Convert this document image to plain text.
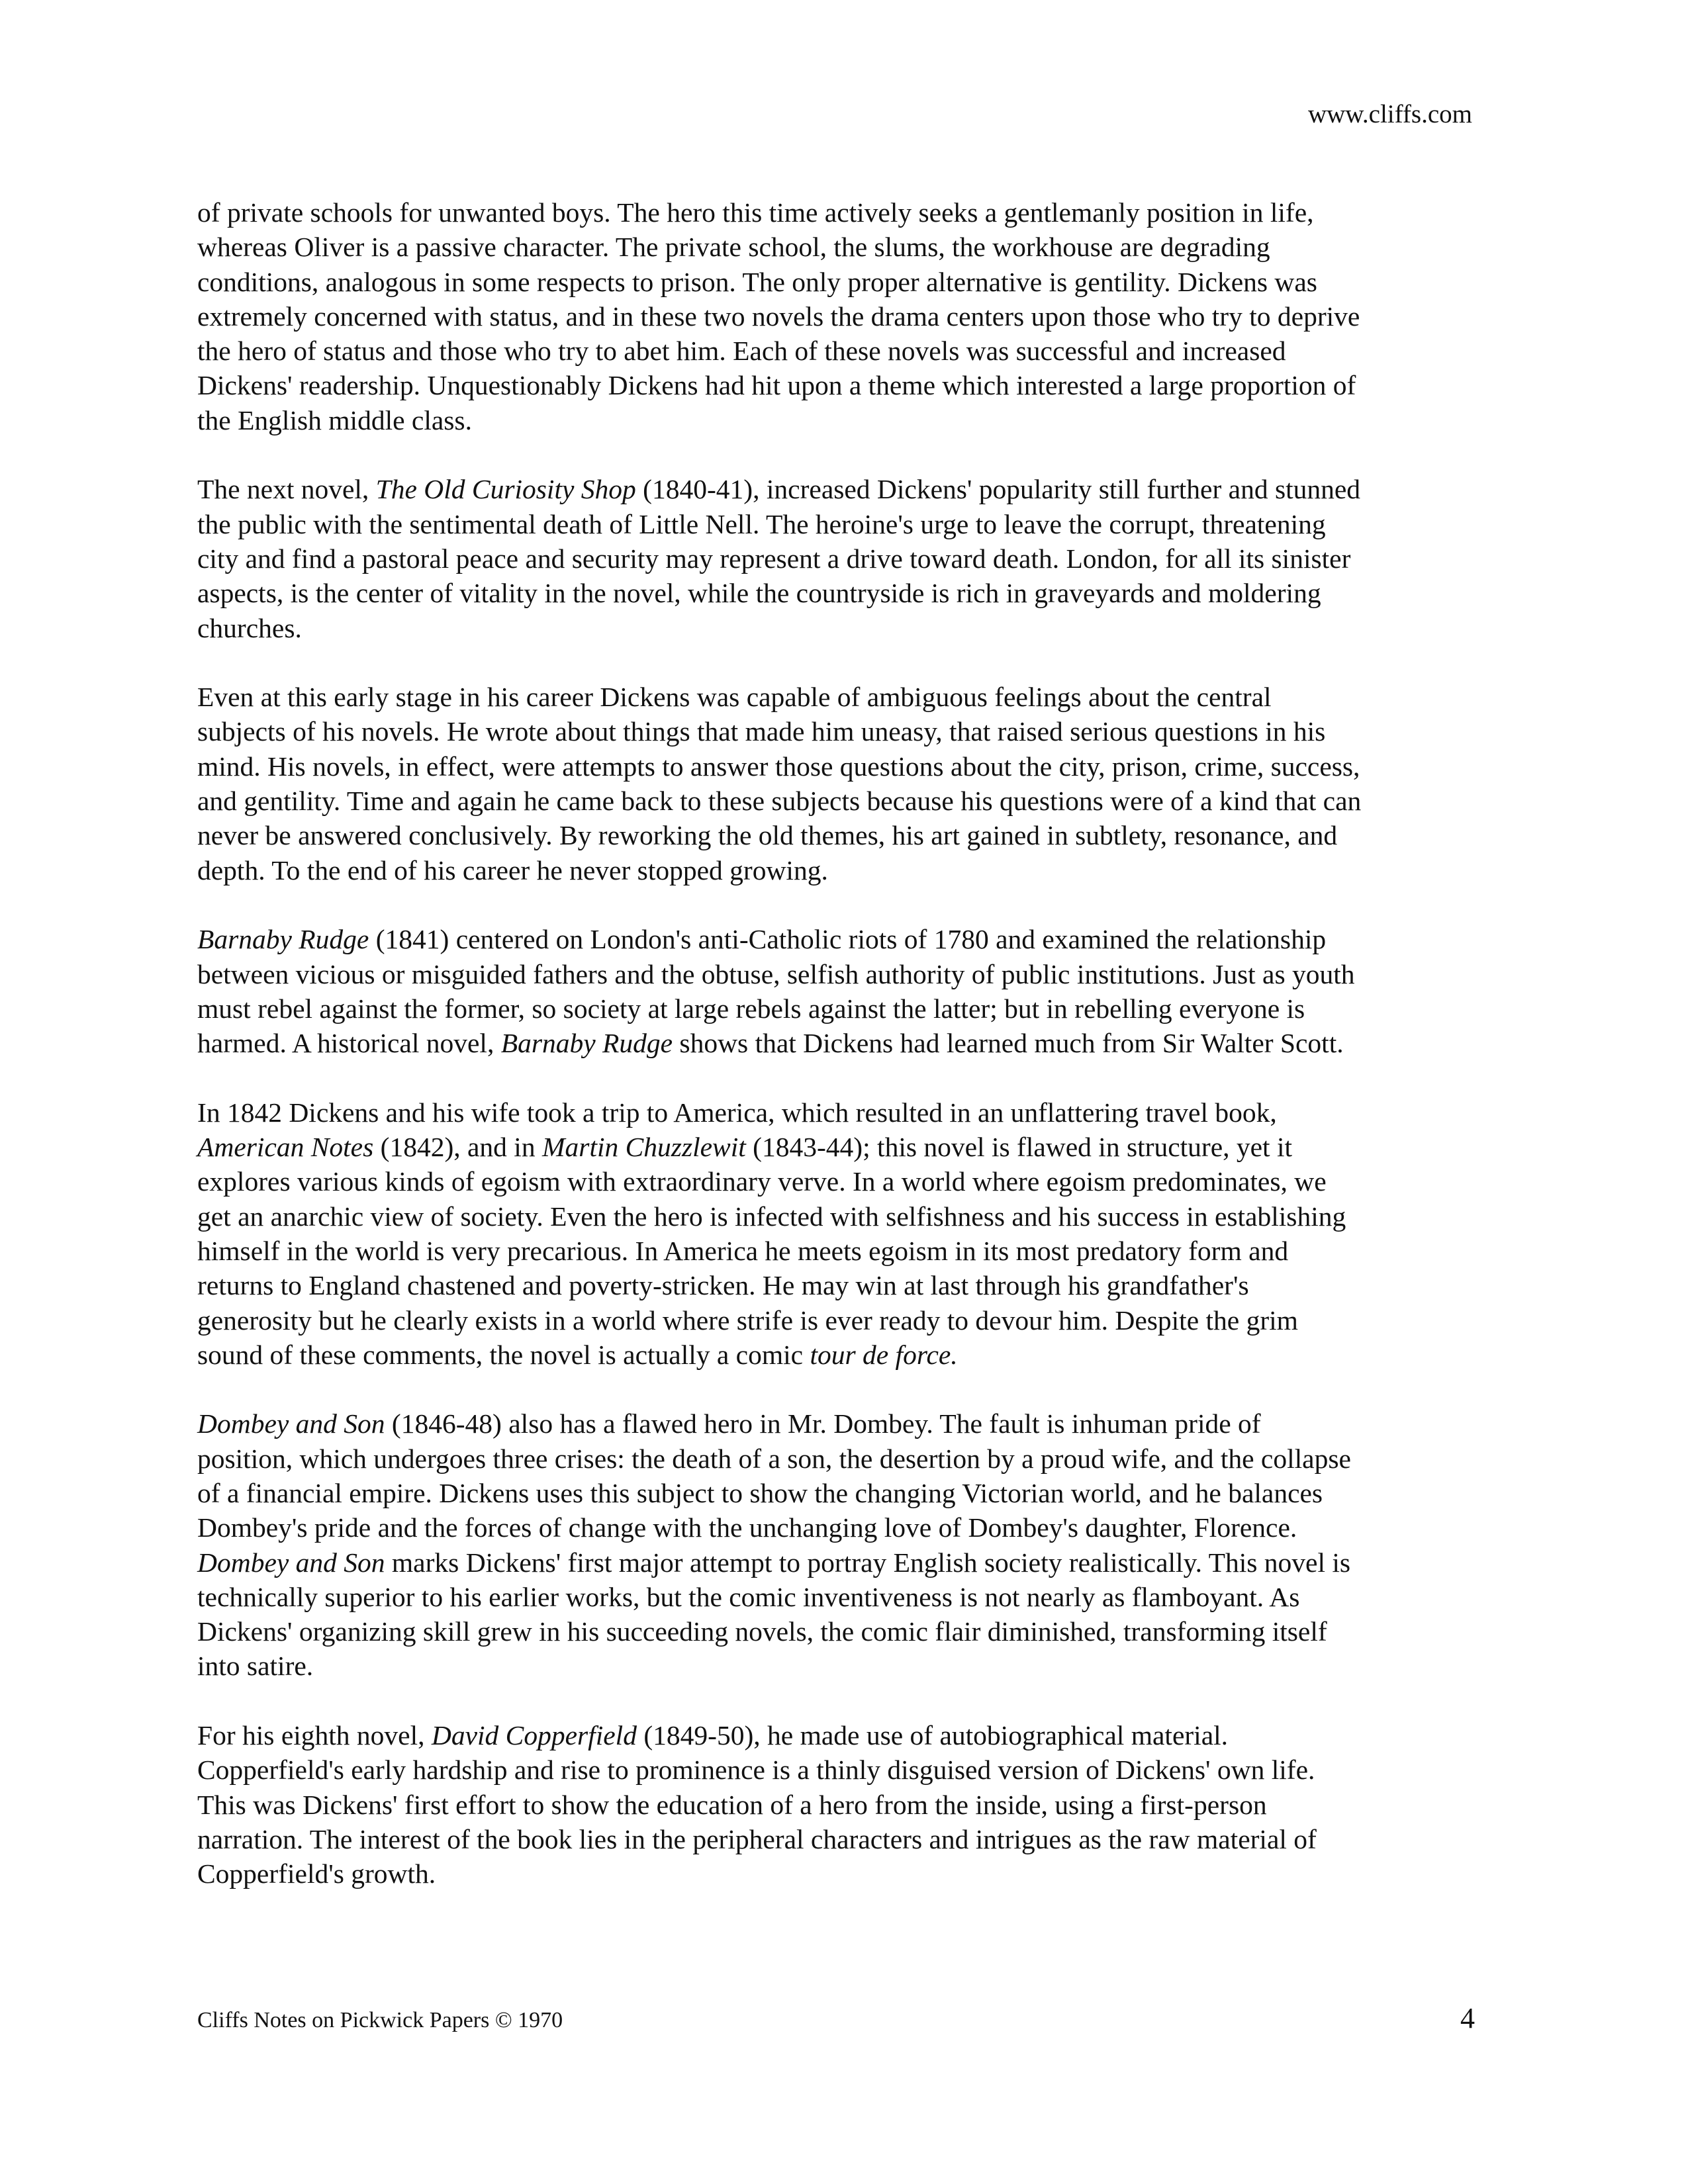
www.cliffs.com

of private schools for unwanted boys. The hero this time actively seeks a gentlemanly position in life,
whereas Oliver is a passive character. The private school, the slums, the workhouse are degrading
conditions, analogous in some respects to prison. The only proper alternative is gentility. Dickens was
extremely concerned with status, and in these two novels the drama centers upon those who try to deprive
the hero of status and those who try to abet him. Each of these novels was successful and increased
Dickens' readership. Unquestionably Dickens had hit upon a theme which interested a large proportion of
the English middle class.

The next novel, The Old Curiosity Shop (1840-41), increased Dickens' popularity still further and stunned
the public with the sentimental death of Little Nell. The heroine's urge to leave the corrupt, threatening
city and find a pastoral peace and security may represent a drive toward death. London, for all its sinister
aspects, is the center of vitality in the novel, while the countryside is rich in graveyards and moldering
churches.

Even at this early stage in his career Dickens was capable of ambiguous feelings about the central
subjects of his novels. He wrote about things that made him uneasy, that raised serious questions in his
mind. His novels, in effect, were attempts to answer those questions about the city, prison, crime, success,
and gentility. Time and again he came back to these subjects because his questions were of a kind that can
never be answered conclusively. By reworking the old themes, his art gained in subtlety, resonance, and
depth. To the end of his career he never stopped growing.

Barnaby Rudge (1841) centered on London's anti-Catholic riots of 1780 and examined the relationship
between vicious or misguided fathers and the obtuse, selfish authority of public institutions. Just as youth
must rebel against the former, so society at large rebels against the latter; but in rebelling everyone is
harmed. A historical novel, Barnaby Rudge shows that Dickens had learned much from Sir Walter Scott.

In 1842 Dickens and his wife took a trip to America, which resulted in an unflattering travel book,
American Notes (1842), and in Martin Chuzzlewit (1843-44); this novel is flawed in structure, yet it
explores various kinds of egoism with extraordinary verve. In a world where egoism predominates, we
get an anarchic view of society. Even the hero is infected with selfishness and his success in establishing
himself in the world is very precarious. In America he meets egoism in its most predatory form and
returns to England chastened and poverty-stricken. He may win at last through his grandfather's
generosity but he clearly exists in a world where strife is ever ready to devour him. Despite the grim
sound of these comments, the novel is actually a comic tour de force.

Dombey and Son (1846-48) also has a flawed hero in Mr. Dombey. The fault is inhuman pride of
position, which undergoes three crises: the death of a son, the desertion by a proud wife, and the collapse
of a financial empire. Dickens uses this subject to show the changing Victorian world, and he balances
Dombey's pride and the forces of change with the unchanging love of Dombey's daughter, Florence.
Dombey and Son marks Dickens' first major attempt to portray English society realistically. This novel is
technically superior to his earlier works, but the comic inventiveness is not nearly as flamboyant. As
Dickens' organizing skill grew in his succeeding novels, the comic flair diminished, transforming itself
into satire.

For his eighth novel, David Copperfield (1849-50), he made use of autobiographical material.
Copperfield's early hardship and rise to prominence is a thinly disguised version of Dickens' own life.
This was Dickens' first effort to show the education of a hero from the inside, using a first-person
narration. The interest of the book lies in the peripheral characters and intrigues as the raw material of
Copperfield's growth.

Cliffs Notes on Pickwick Papers © 1970	4
